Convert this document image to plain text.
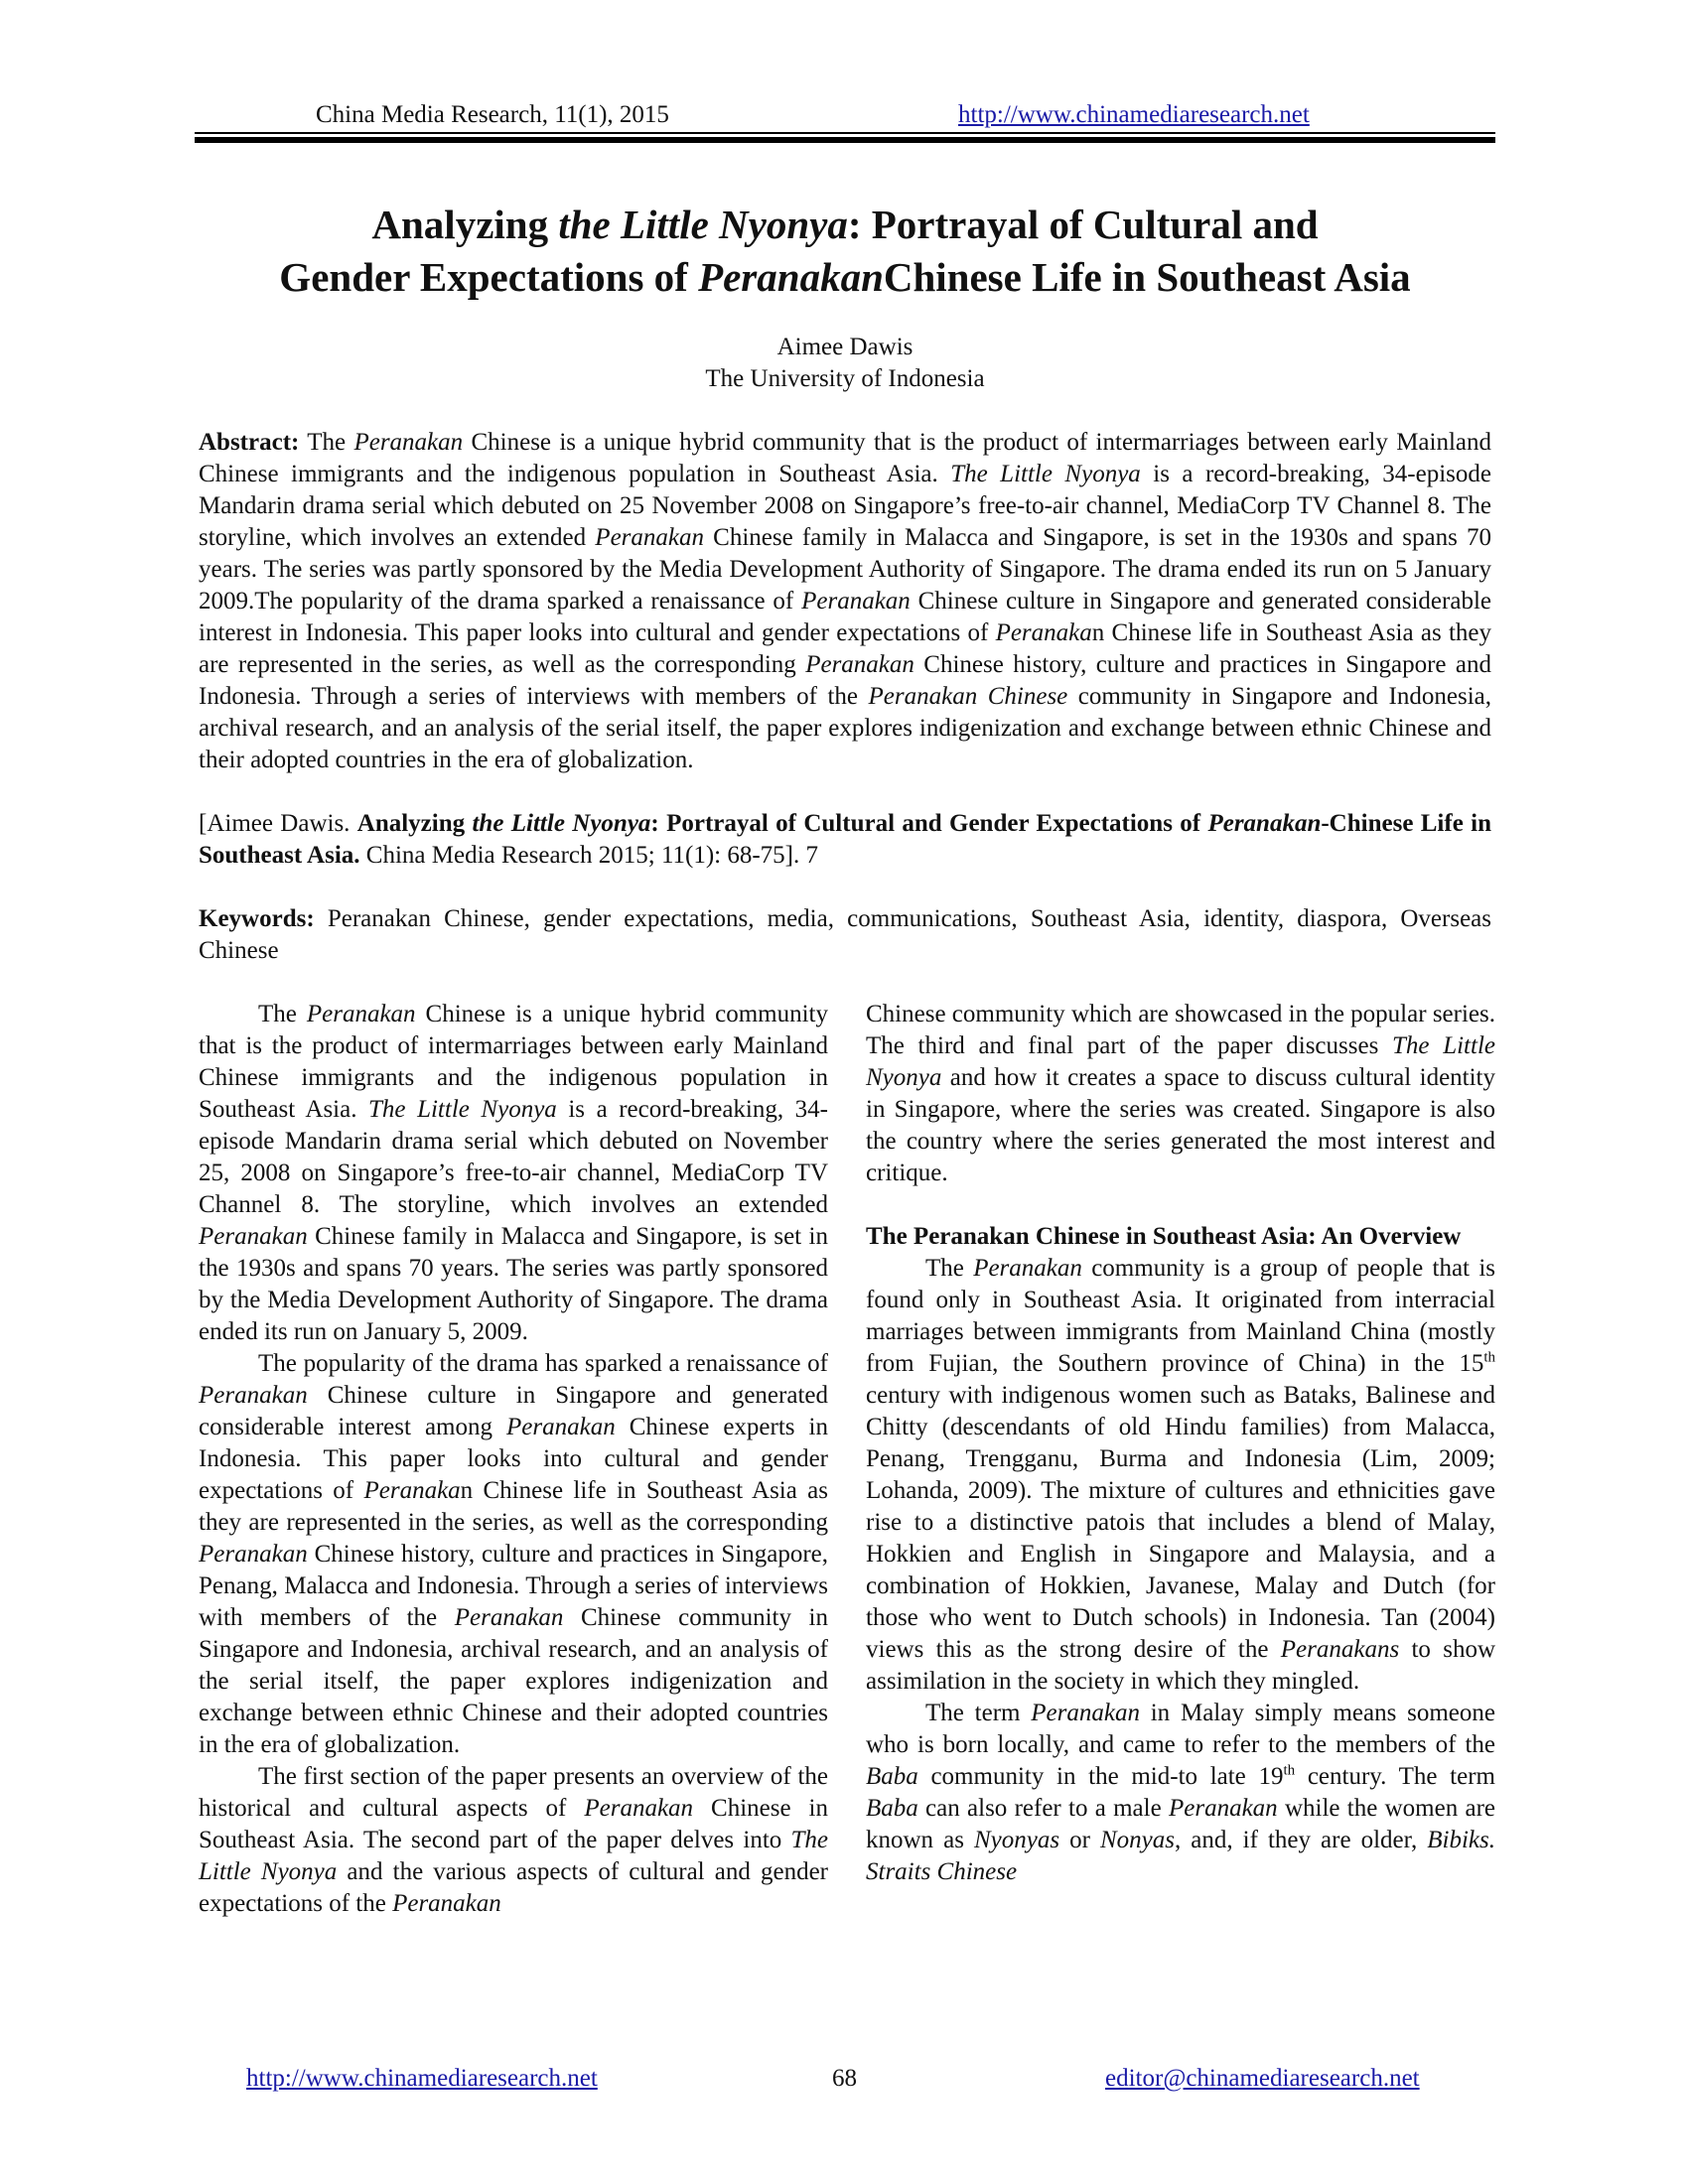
China Media Research, 11(1), 2015	http://www.chinamediaresearch.net
Analyzing the Little Nyonya: Portrayal of Cultural and
Gender Expectations of PeranakanChinese Life in Southeast Asia
Aimee Dawis
The University of Indonesia

Abstract: The Peranakan Chinese is a unique hybrid community that is the product of intermarriages between early Mainland Chinese immigrants and the indigenous population in Southeast Asia. The Little Nyonya is a record-breaking, 34-episode Mandarin drama serial which debuted on 25 November 2008 on Singapore’s free-to-air channel, MediaCorp TV Channel 8. The storyline, which involves an extended Peranakan Chinese family in Malacca and Singapore, is set in the 1930s and spans 70 years. The series was partly sponsored by the Media Development Authority of Singapore. The drama ended its run on 5 January 2009.The popularity of the drama sparked a renaissance of Peranakan Chinese culture in Singapore and generated considerable interest in Indonesia. This paper looks into cultural and gender expectations of Peranakan Chinese life in Southeast Asia as they are represented in the series, as well as the corresponding Peranakan Chinese history, culture and practices in Singapore and Indonesia. Through a series of interviews with members of the Peranakan Chinese community in Singapore and Indonesia, archival research, and an analysis of the serial itself, the paper explores indigenization and exchange between ethnic Chinese and their adopted countries in the era of globalization.

[Aimee Dawis. Analyzing the Little Nyonya: Portrayal of Cultural and Gender Expectations of Peranakan-Chinese Life in Southeast Asia. China Media Research 2015; 11(1): 68-75]. 7

Keywords: Peranakan Chinese, gender expectations, media, communications, Southeast Asia, identity, diaspora, Overseas Chinese

The Peranakan Chinese is a unique hybrid community that is the product of intermarriages between early Mainland Chinese immigrants and the indigenous population in Southeast Asia. The Little Nyonya is a record-breaking, 34-episode Mandarin drama serial which debuted on November 25, 2008 on Singapore’s free-to-air channel, MediaCorp TV Channel 8. The storyline, which involves an extended Peranakan Chinese family in Malacca and Singapore, is set in the 1930s and spans 70 years. The series was partly sponsored by the Media Development Authority of Singapore. The drama ended its run on January 5, 2009.

The popularity of the drama has sparked a renaissance of Peranakan Chinese culture in Singapore and generated considerable interest among Peranakan Chinese experts in Indonesia. This paper looks into cultural and gender expectations of Peranakan Chinese life in Southeast Asia as they are represented in the series, as well as the corresponding Peranakan Chinese history, culture and practices in Singapore, Penang, Malacca and Indonesia. Through a series of interviews with members of the Peranakan Chinese community in Singapore and Indonesia, archival research, and an analysis of the serial itself, the paper explores indigenization and exchange between ethnic Chinese and their adopted countries in the era of globalization.

The first section of the paper presents an overview of the historical and cultural aspects of Peranakan Chinese in Southeast Asia. The second part of the paper delves into The Little Nyonya and the various aspects of cultural and gender expectations of the Peranakan

Chinese community which are showcased in the popular series. The third and final part of the paper discusses The Little Nyonya and how it creates a space to discuss cultural identity in Singapore, where the series was created. Singapore is also the country where the series generated the most interest and critique.

The Peranakan Chinese in Southeast Asia: An Overview

The Peranakan community is a group of people that is found only in Southeast Asia. It originated from interracial marriages between immigrants from Mainland China (mostly from Fujian, the Southern province of China) in the 15th century with indigenous women such as Bataks, Balinese and Chitty (descendants of old Hindu families) from Malacca, Penang, Trengganu, Burma and Indonesia (Lim, 2009; Lohanda, 2009). The mixture of cultures and ethnicities gave rise to a distinctive patois that includes a blend of Malay, Hokkien and English in Singapore and Malaysia, and a combination of Hokkien, Javanese, Malay and Dutch (for those who went to Dutch schools) in Indonesia. Tan (2004) views this as the strong desire of the Peranakans to show assimilation in the society in which they mingled.

The term Peranakan in Malay simply means someone who is born locally, and came to refer to the members of the Baba community in the mid-to late 19th century. The term Baba can also refer to a male Peranakan while the women are known as Nyonyas or Nonyas, and, if they are older, Bibiks. Straits Chinese

http://www.chinamediaresearch.net	68	editor@chinamediaresearch.net
